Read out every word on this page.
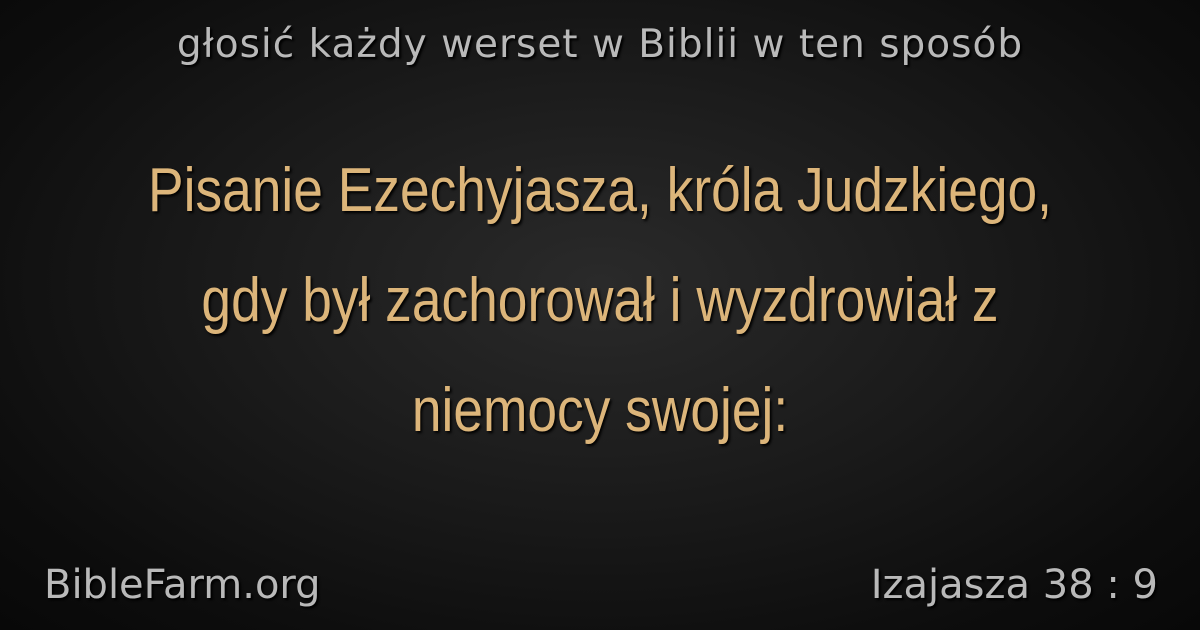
głosić każdy werset w Biblii w ten sposób
Pisanie Ezechyjasza, króla Judzkiego, gdy był zachorował i wyzdrowiał z niemocy swojej:
BibleFarm.org	Izajasza 38 : 9
